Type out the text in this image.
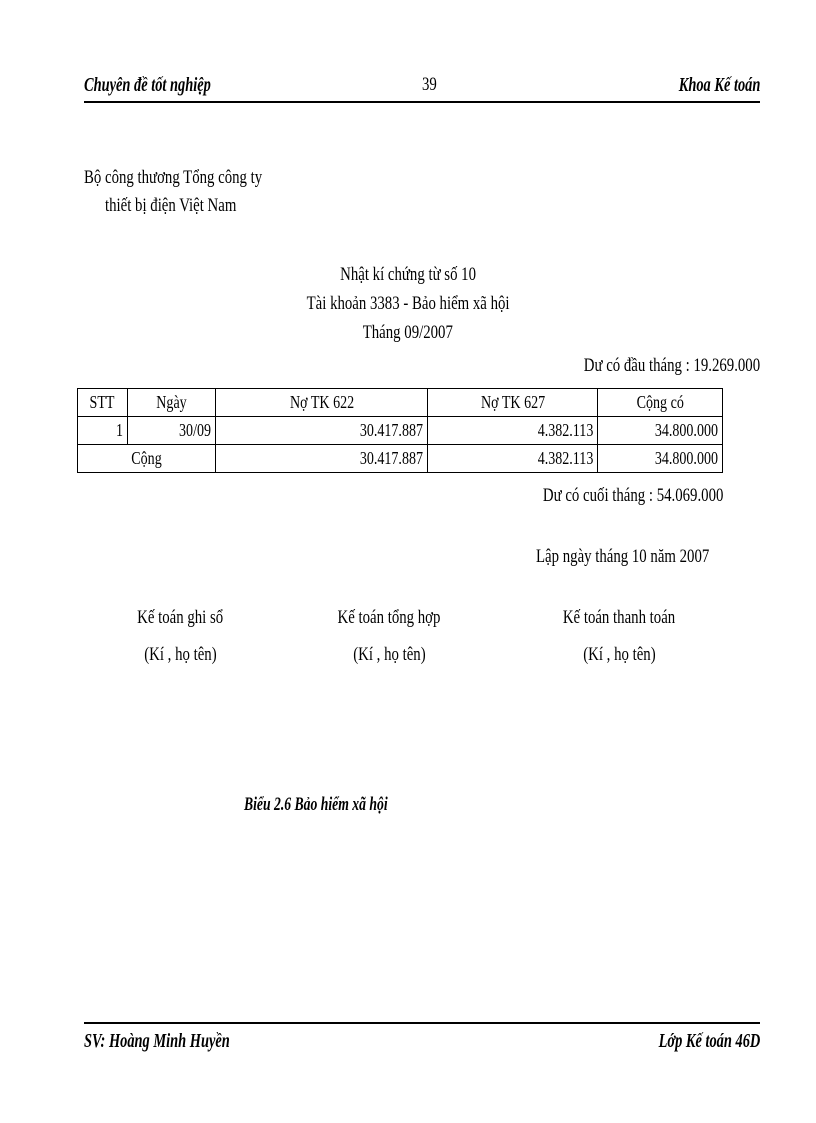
Chuyên đề tốt nghiệp	39	Khoa Kế toán
Bộ công thương Tổng công ty
thiết bị điện Việt Nam
Nhật kí chứng từ số 10
Tài khoản 3383 - Bảo hiểm xã hội
Tháng 09/2007
Dư có đầu tháng : 19.269.000
STT	Ngày	Nợ TK 622	Nợ TK 627	Cộng có
1	30/09	30.417.887	4.382.113	34.800.000
Cộng		30.417.887	4.382.113	34.800.000
Dư có cuối tháng : 54.069.000
Lập ngày tháng 10 năm 2007
Kế toán ghi sổ
(Kí , họ tên)
Kế toán tổng hợp
(Kí , họ tên)
Kế toán thanh toán
(Kí , họ tên)
Biểu 2.6 Bảo hiểm xã hội
SV: Hoàng Minh Huyền	Lớp Kế toán 46D
